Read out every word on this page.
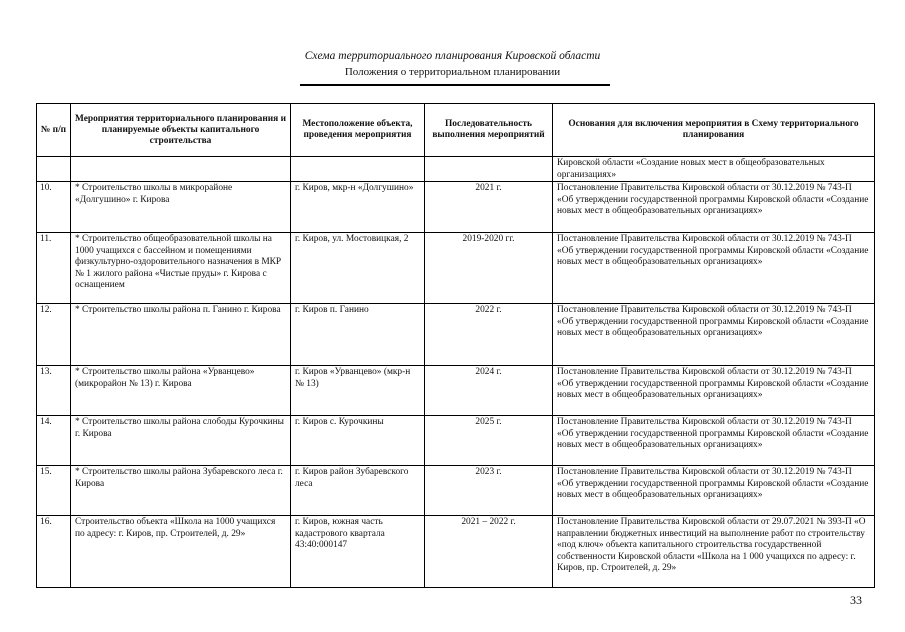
Схема территориального планирования Кировской области
Положения о территориальном планировании
№ п/п	Мероприятия территориального планирования и планируемые объекты капитального строительства	Местоположение объекта, проведения мероприятия	Последовательность выполнения мероприятий	Основания для включения мероприятия в Схему территориального планирования
				Кировской области «Создание новых мест в общеобразовательных организациях»
10.	* Строительство школы в микрорайоне «Долгушино» г. Кирова	г. Киров, мкр-н «Долгушино»	2021 г.	Постановление Правительства Кировской области от 30.12.2019 № 743-П «Об утверждении государственной программы Кировской области «Создание новых мест в общеобразовательных организациях»
11.	* Строительство общеобразовательной школы на 1000 учащихся с бассейном и помещениями физкультурно-оздоровительного назначения в МКР № 1 жилого района «Чистые пруды» г. Кирова с оснащением	г. Киров, ул. Мостовицкая, 2	2019-2020 гг.	Постановление Правительства Кировской области от 30.12.2019 № 743-П «Об утверждении государственной программы Кировской области «Создание новых мест в общеобразовательных организациях»
12.	* Строительство школы района п. Ганино г. Кирова	г. Киров п. Ганино	2022 г.	Постановление Правительства Кировской области от 30.12.2019 № 743-П «Об утверждении государственной программы Кировской области «Создание новых мест в общеобразовательных организациях»
13.	* Строительство школы района «Урванцево» (микрорайон № 13) г. Кирова	г. Киров «Урванцево» (мкр-н № 13)	2024 г.	Постановление Правительства Кировской области от 30.12.2019 № 743-П «Об утверждении государственной программы Кировской области «Создание новых мест в общеобразовательных организациях»
14.	* Строительство школы района слободы Курочкины г. Кирова	г. Киров с. Курочкины	2025 г.	Постановление Правительства Кировской области от 30.12.2019 № 743-П «Об утверждении государственной программы Кировской области «Создание новых мест в общеобразовательных организациях»
15.	* Строительство школы района Зубаревского леса г. Кирова	г. Киров район Зубаревского леса	2023 г.	Постановление Правительства Кировской области от 30.12.2019 № 743-П «Об утверждении государственной программы Кировской области «Создание новых мест в общеобразовательных организациях»
16.	Строительство объекта «Школа на 1000 учащихся по адресу: г. Киров, пр. Строителей, д. 29»	г. Киров, южная часть кадастрового квартала 43:40:000147	2021 – 2022 г.	Постановление Правительства Кировской области от 29.07.2021 № 393-П «О направлении бюджетных инвестиций на выполнение работ по строительству «под ключ» объекта капитального строительства государственной собственности Кировской области «Школа на 1 000 учащихся по адресу: г. Киров, пр. Строителей, д. 29»
33
